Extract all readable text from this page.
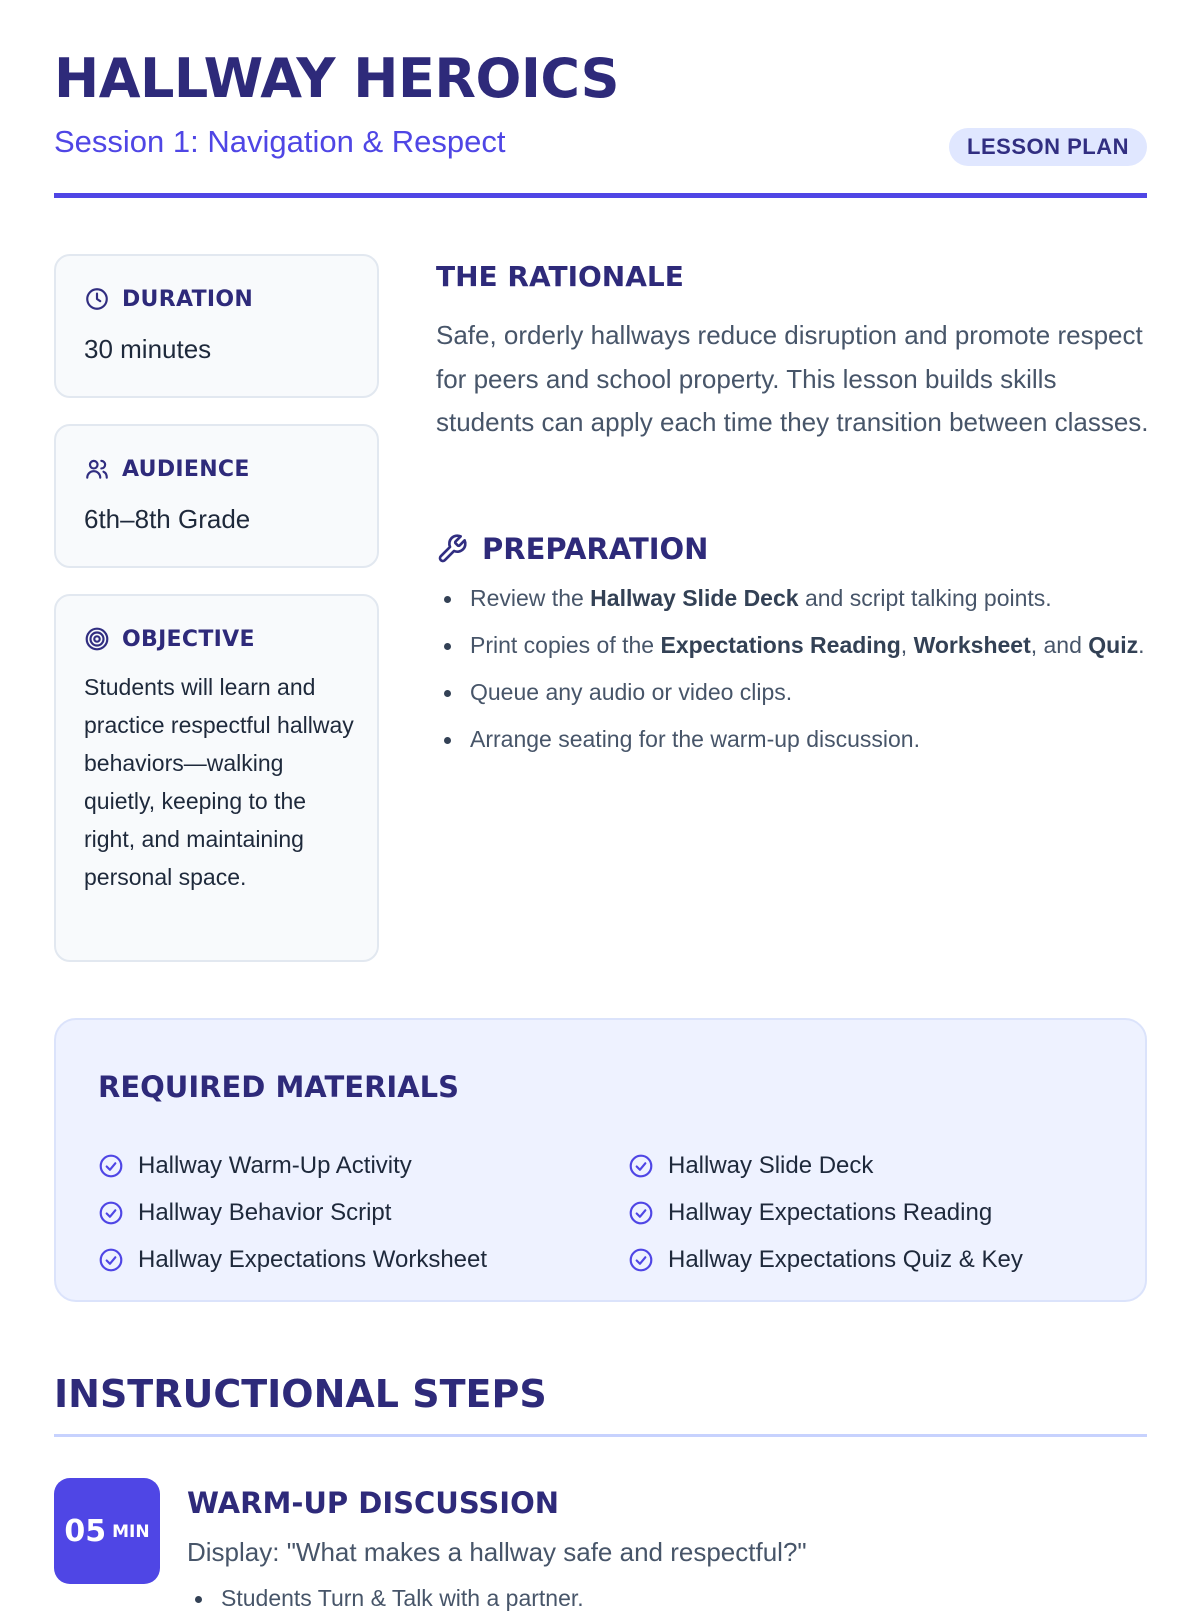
HALLWAY HEROICS
Session 1: Navigation & Respect	LESSON PLAN
DURATION
30 minutes
AUDIENCE
6th–8th Grade
OBJECTIVE
Students will learn and practice respectful hallway behaviors—walking quietly, keeping to the right, and maintaining personal space.
THE RATIONALE

Safe, orderly hallways reduce disruption and promote respect for peers and school property. This lesson builds skills students can apply each time they transition between classes.

PREPARATION
Review the Hallway Slide Deck and script talking points.
Print copies of the Expectations Reading, Worksheet, and Quiz.
Queue any audio or video clips.
Arrange seating for the warm-up discussion.
REQUIRED MATERIALS
Hallway Warm-Up Activity	Hallway Slide Deck
Hallway Behavior Script	Hallway Expectations Reading
Hallway Expectations Worksheet	Hallway Expectations Quiz & Key
INSTRUCTIONAL STEPS
05 MIN
WARM-UP DISCUSSION
Display: "What makes a hallway safe and respectful?"
Students Turn & Talk with a partner.
